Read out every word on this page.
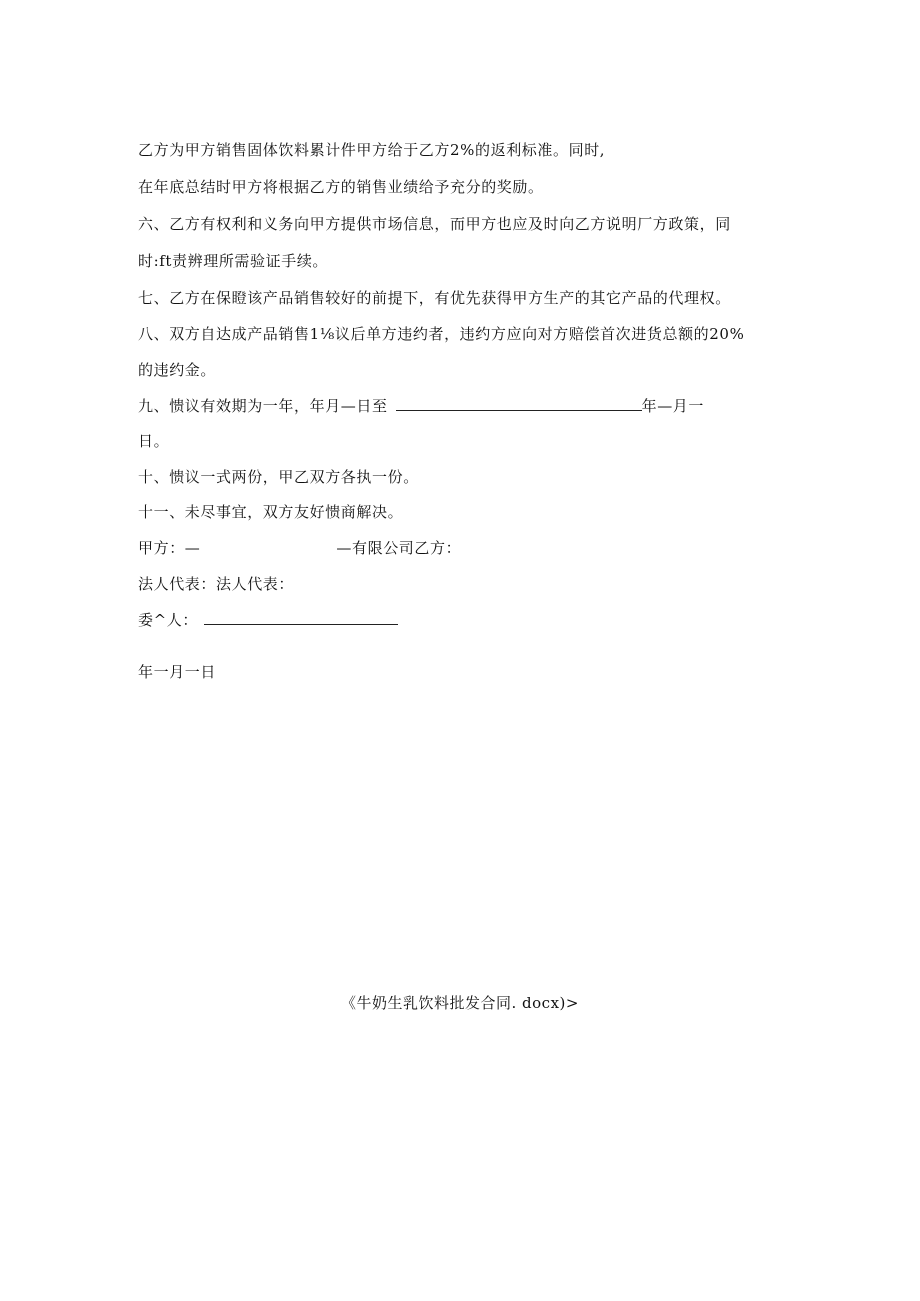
乙方为甲方销售固体饮料累计件甲方给于乙方2%的返利标准。同时,
在年底总结时甲方将根据乙方的销售业绩给予充分的奖励。
六、乙方有权利和义务向甲方提供市场信息，而甲方也应及时向乙方说明厂方政策，同
时:ft责辨理所需验证手续。
七、乙方在保瞪该产品销售较好的前提下，有优先获得甲方生产的其它产品的代理权。
八、双方自达成产品销售1⅛议后单方违约者，违约方应向对方赔偿首次进货总额的20%
的违约金。
九、愦议有效期为一年，年月—日至	年—月一
日。
十、愦议一式两份，甲乙双方各执一份。
十一、未尽事宜，双方友好愦商解决。
甲方：—	—有限公司乙方：
法人代表：法人代表：
委^人：
年一月一日
《牛奶生乳饮料批发合同. docx)>
